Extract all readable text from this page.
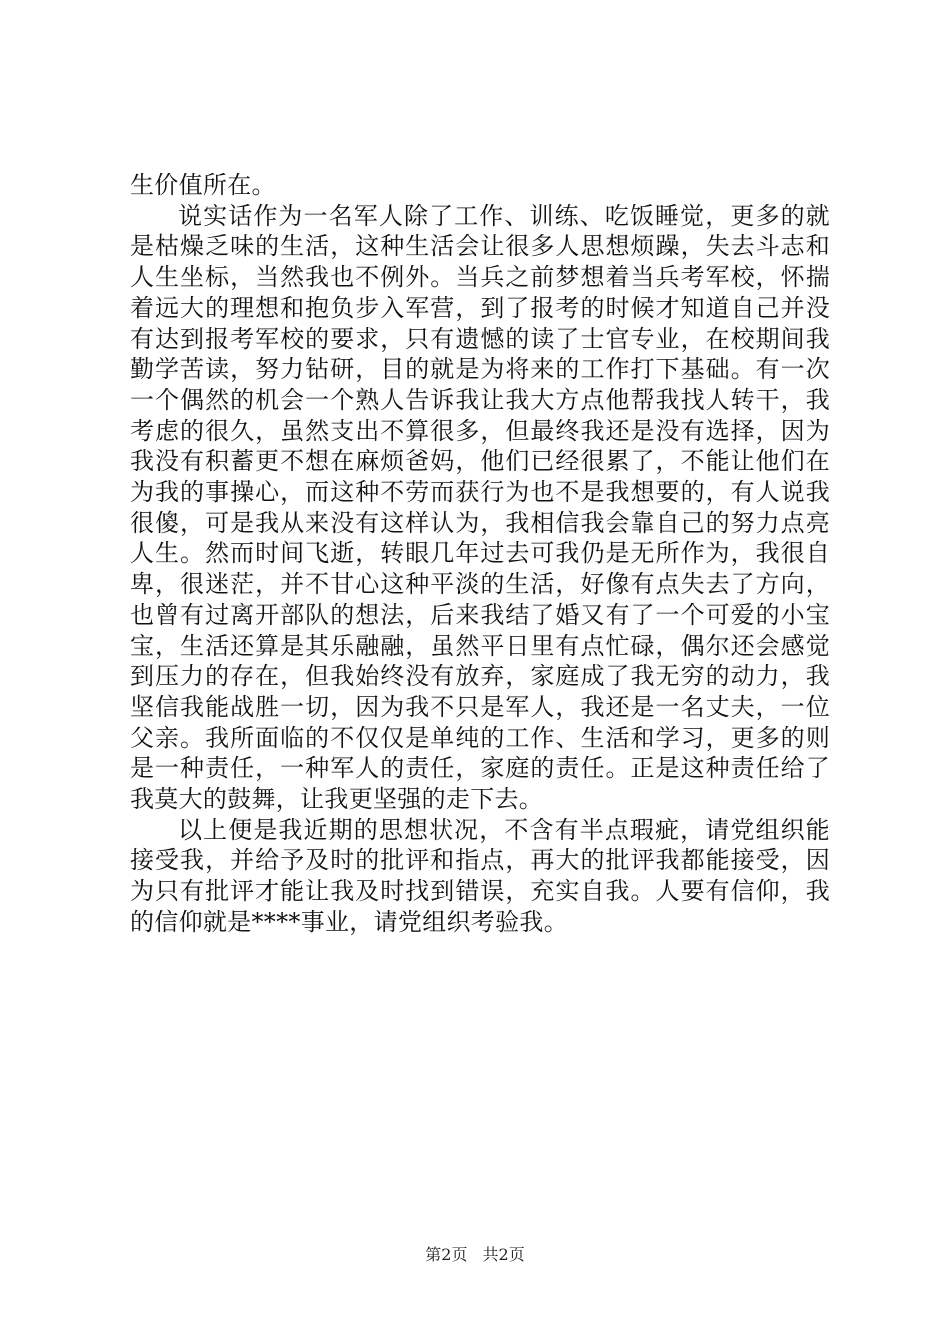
生价值所在。

说实话作为一名军人除了工作、训练、吃饭睡觉，更多的就是枯燥乏味的生活，这种生活会让很多人思想烦躁，失去斗志和人生坐标，当然我也不例外。当兵之前梦想着当兵考军校，怀揣着远大的理想和抱负步入军营，到了报考的时候才知道自己并没有达到报考军校的要求，只有遗憾的读了士官专业，在校期间我勤学苦读，努力钻研，目的就是为将来的工作打下基础。有一次一个偶然的机会一个熟人告诉我让我大方点他帮我找人转干，我考虑的很久，虽然支出不算很多，但最终我还是没有选择，因为我没有积蓄更不想在麻烦爸妈，他们已经很累了，不能让他们在为我的事操心，而这种不劳而获行为也不是我想要的，有人说我很傻，可是我从来没有这样认为，我相信我会靠自己的努力点亮人生。然而时间飞逝，转眼几年过去可我仍是无所作为，我很自卑，很迷茫，并不甘心这种平淡的生活，好像有点失去了方向，也曾有过离开部队的想法，后来我结了婚又有了一个可爱的小宝宝，生活还算是其乐融融，虽然平日里有点忙碌，偶尔还会感觉到压力的存在，但我始终没有放弃，家庭成了我无穷的动力，我坚信我能战胜一切，因为我不只是军人，我还是一名丈夫，一位父亲。我所面临的不仅仅是单纯的工作、生活和学习，更多的则是一种责任，一种军人的责任，家庭的责任。正是这种责任给了我莫大的鼓舞，让我更坚强的走下去。

以上便是我近期的思想状况，不含有半点瑕疵，请党组织能接受我，并给予及时的批评和指点，再大的批评我都能接受，因为只有批评才能让我及时找到错误，充实自我。人要有信仰，我的信仰就是****事业，请党组织考验我。

第2页 共2页
